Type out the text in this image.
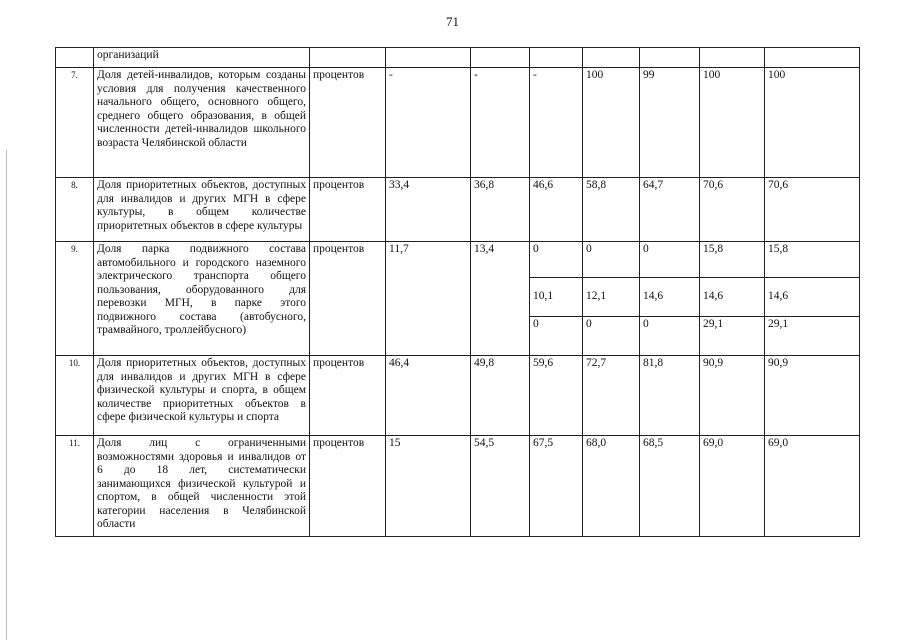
71
	организаций								
7.	Доля детей-инвалидов, которым созданы условия для получения качественного начального общего, основного общего, среднего общего образования, в общей численности детей-инвалидов школьного возраста Челябинской области	процентов	-	-	-	100	99	100	100
8.	Доля приоритетных объектов, доступных для инвалидов и других МГН в сфере культуры, в общем количестве приоритетных объектов в сфере культуры	процентов	33,4	36,8	46,6	58,8	64,7	70,6	70,6
9.	Доля парка подвижного состава автомобильного и городского наземного электрического транспорта общего пользования, оборудованного для перевозки МГН, в парке этого подвижного состава (автобусного, трамвайного, троллейбусного)	процентов	11,7	13,4	0	0	0	15,8	15,8
					10,1	12,1	14,6	14,6	14,6
					0	0	0	29,1	29,1
10.	Доля приоритетных объектов, доступных для инвалидов и других МГН в сфере физической культуры и спорта, в общем количестве приоритетных объектов в сфере физической культуры и спорта	процентов	46,4	49,8	59,6	72,7	81,8	90,9	90,9
11.	Доля лиц с ограниченными возможностями здоровья и инвалидов от 6 до 18 лет, систематически занимающихся физической культурой и спортом, в общей численности этой категории населения в Челябинской области	процентов	15	54,5	67,5	68,0	68,5	69,0	69,0
